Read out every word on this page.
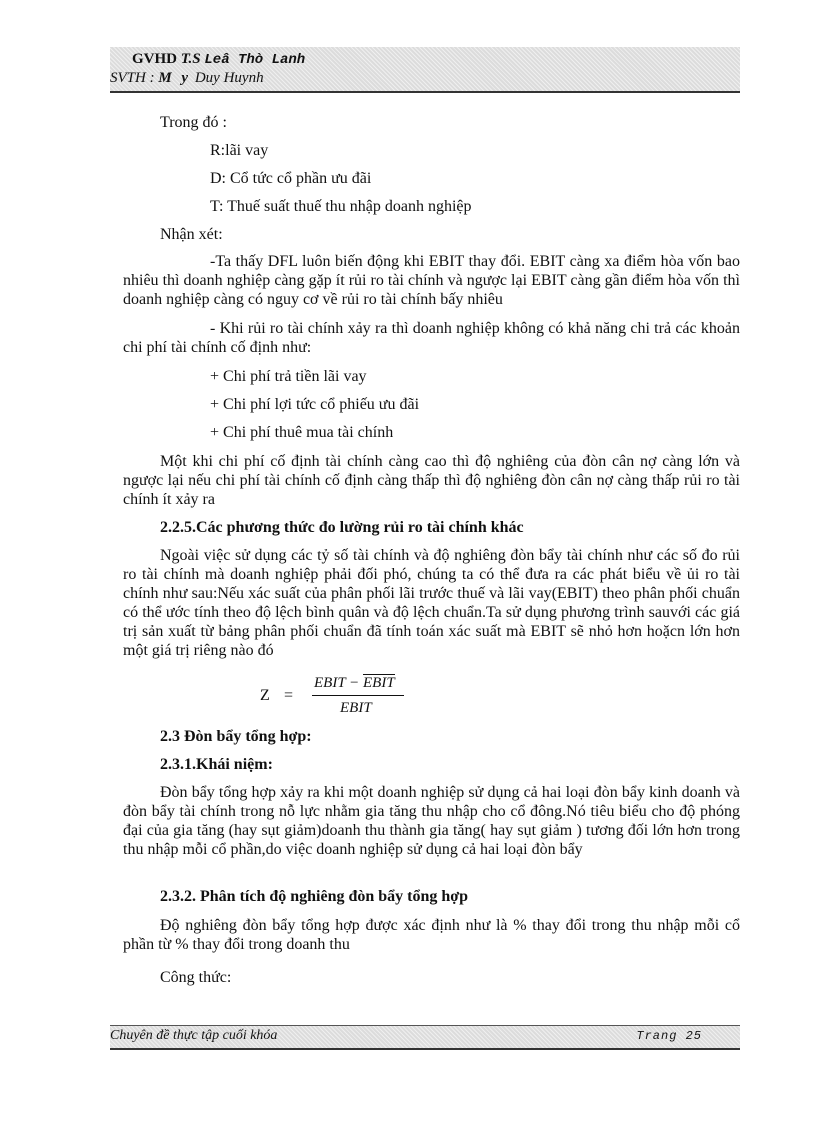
GVHD T.S Leâ Thò Lanh
SVTH : M y Duy Huynh

Trong đó :

R:lãi vay

D: Cổ tức cổ phần ưu đãi

T: Thuế suất thuế thu nhập doanh nghiệp

Nhận xét:

-Ta thấy DFL luôn biến động khi EBIT thay đổi. EBIT càng xa điểm hòa vốn bao nhiêu thì doanh nghiệp càng gặp ít rủi ro tài chính và ngược lại EBIT càng gần điểm hòa vốn thì doanh nghiệp càng có nguy cơ về rủi ro tài chính bấy nhiêu

- Khi rủi ro tài chính xảy ra thì doanh nghiệp không có khả năng chi trả các khoản chi phí tài chính cố định như:

+ Chi phí trả tiền lãi vay

+ Chi phí lợi tức cổ phiếu ưu đãi

+ Chi phí thuê mua tài chính

Một khi chi phí cố định tài chính càng cao thì độ nghiêng của đòn cân nợ càng lớn và ngược lại nếu chi phí tài chính cố định càng thấp thì độ nghiêng đòn cân nợ càng thấp rủi ro tài chính ít xảy ra

2.2.5.Các phương thức đo lường rủi ro tài chính khác

Ngoài việc sử dụng các tỷ số tài chính và độ nghiêng đòn bẩy tài chính như các số đo rủi ro tài chính mà doanh nghiệp phải đối phó, chúng ta có thể đưa ra các phát biểu về ủi ro tài chính như sau:Nếu xác suất của phân phối lãi trước thuế và lãi vay(EBIT) theo phân phối chuẩn có thể ước tính theo độ lệch bình quân và độ lệch chuẩn.Ta sử dụng phương trình sauvới các giá trị sản xuất từ bảng phân phối chuẩn đã tính toán xác suất mà EBIT sẽ nhỏ hơn hoặcn lớn hơn một giá trị riêng nào đó

Z =
EBIT − EBIT
EBIT

2.3 Đòn bẩy tổng hợp:

2.3.1.Khái niệm:

Đòn bẩy tổng hợp xảy ra khi một doanh nghiệp sử dụng cả hai loại đòn bẩy kinh doanh và đòn bẩy tài chính trong nỗ lực nhằm gia tăng thu nhập cho cổ đông.Nó tiêu biểu cho độ phóng đại của gia tăng (hay sụt giảm)doanh thu thành gia tăng( hay sụt giảm ) tương đối lớn hơn trong thu nhập mỗi cổ phần,do việc doanh nghiệp sử dụng cả hai loại đòn bẩy

2.3.2. Phân tích độ nghiêng đòn bẩy tổng hợp

Độ nghiêng đòn bẩy tổng hợp được xác định như là % thay đổi trong thu nhập mỗi cổ phần từ % thay đổi trong doanh thu

Công thức:

Chuyên đề thực tập cuối khóa	Trang 25
